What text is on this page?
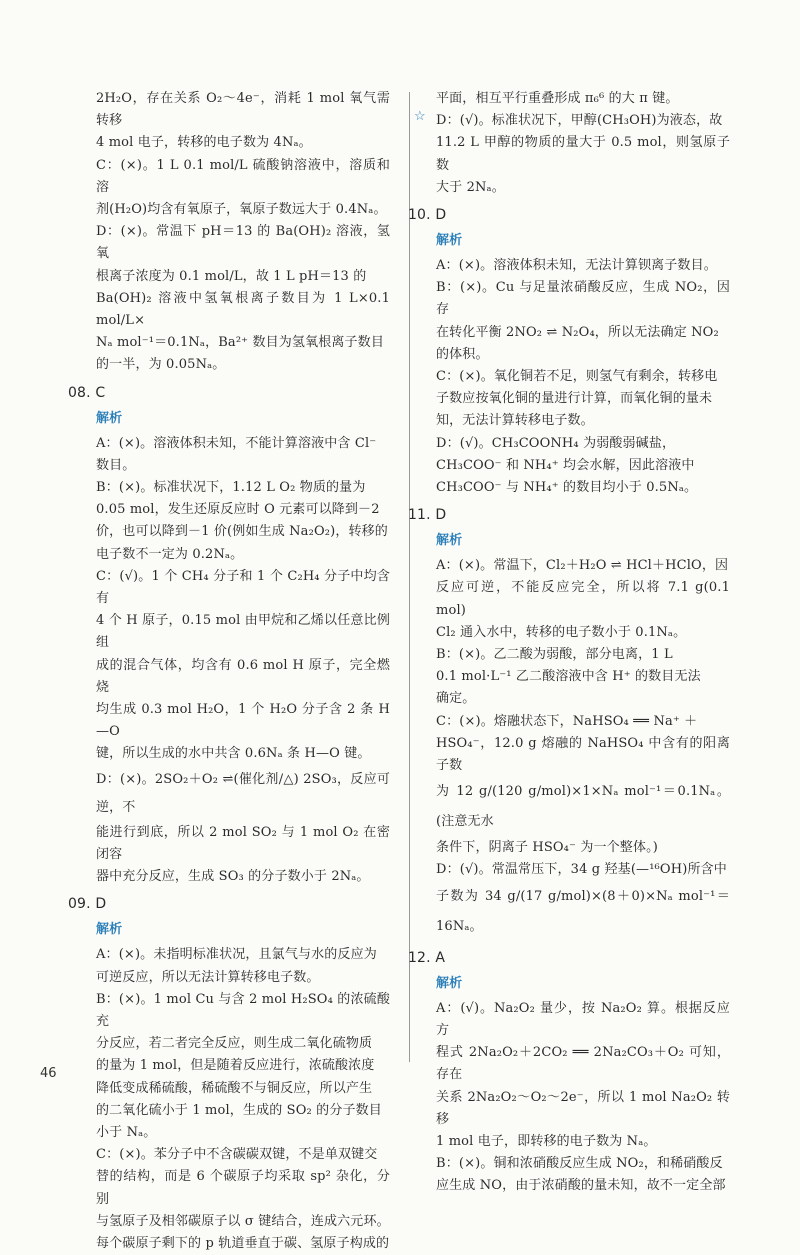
2H₂O，存在关系 O₂～4e⁻，消耗 1 mol 氧气需转移

4 mol 电子，转移的电子数为 4Nₐ。

C：(×)。1 L 0.1 mol/L 硫酸钠溶液中，溶质和溶

剂(H₂O)均含有氧原子，氧原子数远大于 0.4Nₐ。

D：(×)。常温下 pH＝13 的 Ba(OH)₂ 溶液，氢氧

根离子浓度为 0.1 mol/L，故 1 L pH＝13 的

Ba(OH)₂ 溶液中氢氧根离子数目为 1 L×0.1 mol/L×

Nₐ mol⁻¹＝0.1Nₐ，Ba²⁺ 数目为氢氧根离子数目

的一半，为 0.05Nₐ。

08. C

解析

A：(×)。溶液体积未知，不能计算溶液中含 Cl⁻

数目。

B：(×)。标准状况下，1.12 L O₂ 物质的量为

0.05 mol，发生还原反应时 O 元素可以降到－2

价，也可以降到－1 价(例如生成 Na₂O₂)，转移的

电子数不一定为 0.2Nₐ。

C：(√)。1 个 CH₄ 分子和 1 个 C₂H₄ 分子中均含有

4 个 H 原子，0.15 mol 由甲烷和乙烯以任意比例组

成的混合气体，均含有 0.6 mol H 原子，完全燃烧

均生成 0.3 mol H₂O，1 个 H₂O 分子含 2 条 H—O

键，所以生成的水中共含 0.6Nₐ 条 H—O 键。

D：(×)。2SO₂＋O₂ ⇌(催化剂/△) 2SO₃，反应可逆，不

能进行到底，所以 2 mol SO₂ 与 1 mol O₂ 在密闭容

器中充分反应，生成 SO₃ 的分子数小于 2Nₐ。

09. D

解析

A：(×)。未指明标准状况，且氯气与水的反应为

可逆反应，所以无法计算转移电子数。

B：(×)。1 mol Cu 与含 2 mol H₂SO₄ 的浓硫酸充

分反应，若二者完全反应，则生成二氧化硫物质

的量为 1 mol，但是随着反应进行，浓硫酸浓度

降低变成稀硫酸，稀硫酸不与铜反应，所以产生

的二氧化硫小于 1 mol，生成的 SO₂ 的分子数目

小于 Nₐ。

C：(×)。苯分子中不含碳碳双键，不是单双键交

替的结构，而是 6 个碳原子均采取 sp² 杂化，分别

与氢原子及相邻碳原子以 σ 键结合，连成六元环。

每个碳原子剩下的 p 轨道垂直于碳、氢原子构成的

平面，相互平行重叠形成 π₆⁶ 的大 π 键。

☆ D：(√)。标准状况下，甲醇(CH₃OH)为液态，故

11.2 L 甲醇的物质的量大于 0.5 mol，则氢原子数

大于 2Nₐ。

10. D

解析

A：(×)。溶液体积未知，无法计算钡离子数目。

B：(×)。Cu 与足量浓硝酸反应，生成 NO₂，因存

在转化平衡 2NO₂ ⇌ N₂O₄，所以无法确定 NO₂

的体积。

C：(×)。氧化铜若不足，则氢气有剩余，转移电

子数应按氧化铜的量进行计算，而氧化铜的量未

知，无法计算转移电子数。

D：(√)。CH₃COONH₄ 为弱酸弱碱盐，

CH₃COO⁻ 和 NH₄⁺ 均会水解，因此溶液中

CH₃COO⁻ 与 NH₄⁺ 的数目均小于 0.5Nₐ。

11. D

解析

A：(×)。常温下，Cl₂＋H₂O ⇌ HCl＋HClO，因

反应可逆，不能反应完全，所以将 7.1 g(0.1 mol)

Cl₂ 通入水中，转移的电子数小于 0.1Nₐ。

B：(×)。乙二酸为弱酸，部分电离，1 L

0.1 mol·L⁻¹ 乙二酸溶液中含 H⁺ 的数目无法

确定。

C：(×)。熔融状态下，NaHSO₄ ══ Na⁺ ＋

HSO₄⁻，12.0 g 熔融的 NaHSO₄ 中含有的阳离子数

为 12 g/(120 g/mol)×1×Nₐ mol⁻¹＝0.1Nₐ。(注意无水

条件下，阴离子 HSO₄⁻ 为一个整体。)

D：(√)。常温常压下，34 g 羟基(—¹⁶OH)所含中

子数为 34 g/(17 g/mol)×(8＋0)×Nₐ mol⁻¹＝16Nₐ。

12. A

解析

A：(√)。Na₂O₂ 量少，按 Na₂O₂ 算。根据反应方

程式 2Na₂O₂＋2CO₂ ══ 2Na₂CO₃＋O₂ 可知，存在

关系 2Na₂O₂～O₂～2e⁻，所以 1 mol Na₂O₂ 转移

1 mol 电子，即转移的电子数为 Nₐ。

B：(×)。铜和浓硝酸反应生成 NO₂，和稀硝酸反

应生成 NO，由于浓硝酸的量未知，故不一定全部

46
